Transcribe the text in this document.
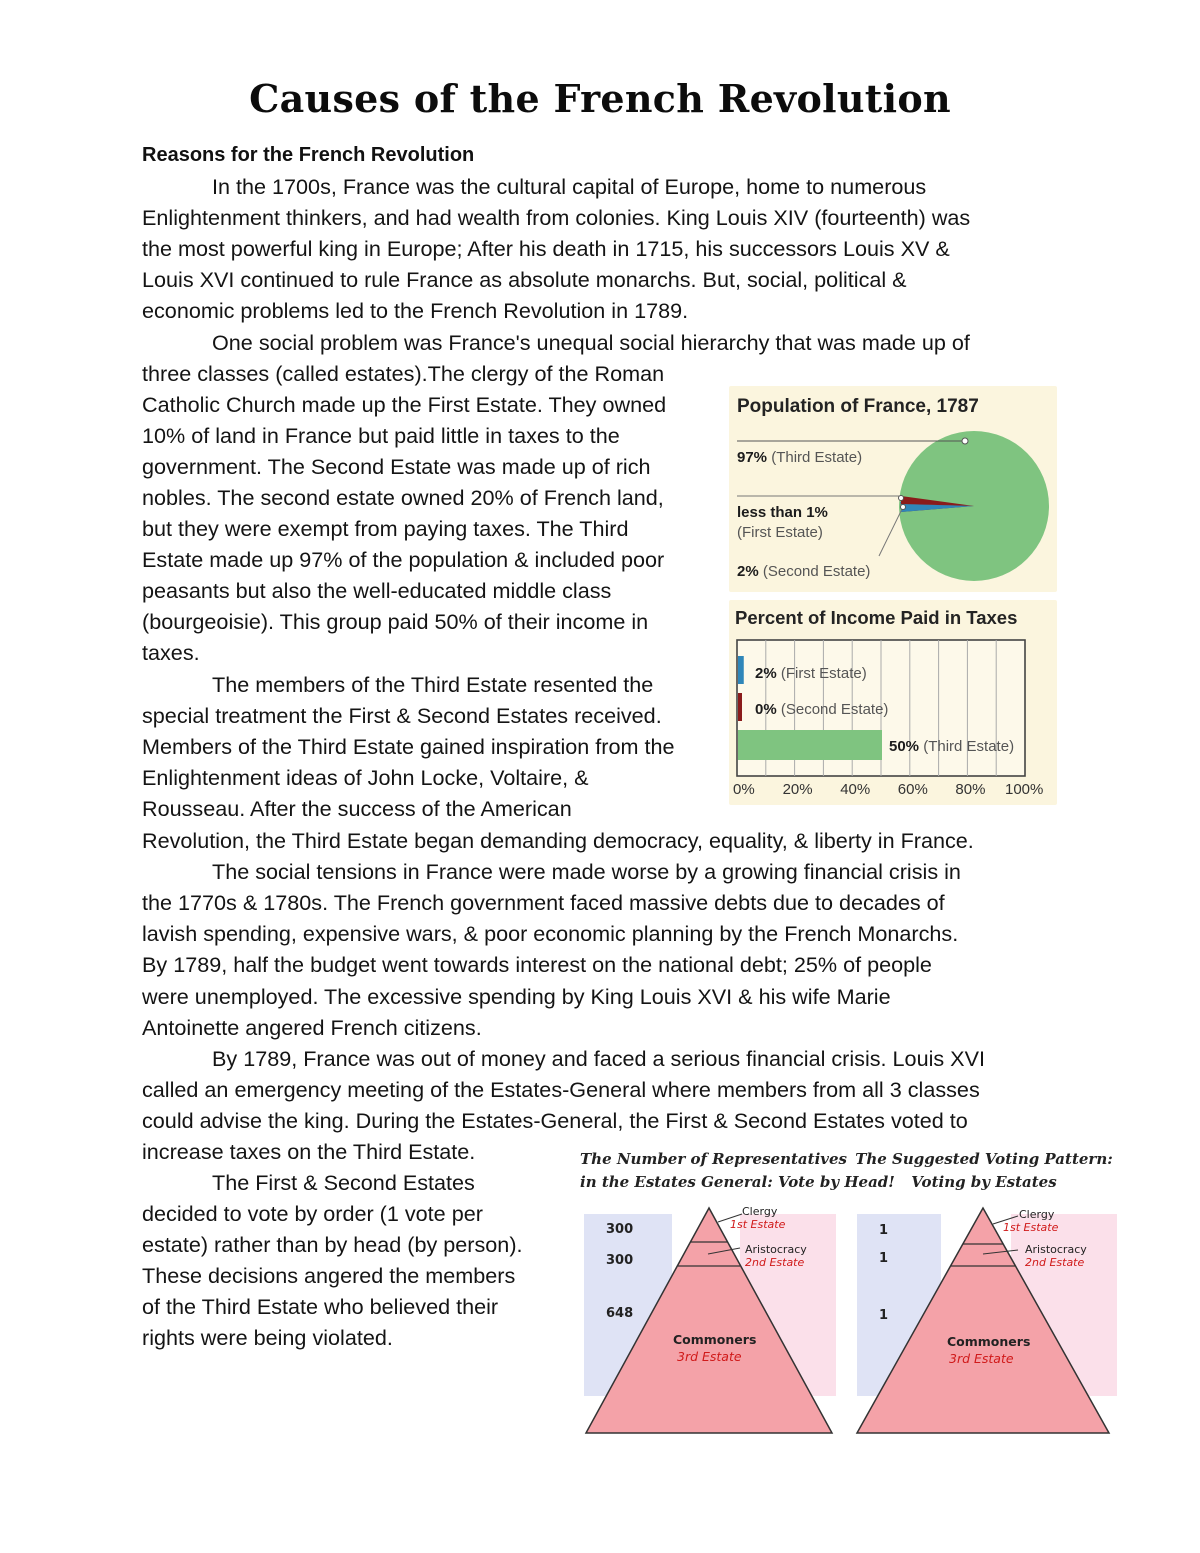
Causes of the French Revolution
Reasons for the French Revolution
In the 1700s, France was the cultural capital of Europe, home to numerous
Enlightenment thinkers, and had wealth from colonies. King Louis XIV (fourteenth) was
the most powerful king in Europe; After his death in 1715, his successors Louis XV &
Louis XVI continued to rule France as absolute monarchs. But, social, political &
economic problems led to the French Revolution in 1789.
One social problem was France's unequal social hierarchy that was made up of
three classes (called estates).The clergy of the Roman
Catholic Church made up the First Estate. They owned
10% of land in France but paid little in taxes to the
government. The Second Estate was made up of rich
nobles. The second estate owned 20% of French land,
but they were exempt from paying taxes. The Third
Estate made up 97% of the population & included poor
peasants but also the well-educated middle class
(bourgeoisie). This group paid 50% of their income in
taxes.
The members of the Third Estate resented the
special treatment the First & Second Estates received.
Members of the Third Estate gained inspiration from the
Enlightenment ideas of John Locke, Voltaire, &
Rousseau. After the success of the American
Revolution, the Third Estate began demanding democracy, equality, & liberty in France.
The social tensions in France were made worse by a growing financial crisis in
the 1770s & 1780s. The French government faced massive debts due to decades of
lavish spending, expensive wars, & poor economic planning by the French Monarchs.
By 1789, half the budget went towards interest on the national debt; 25% of people
were unemployed. The excessive spending by King Louis XVI & his wife Marie
Antoinette angered French citizens.
By 1789, France was out of money and faced a serious financial crisis. Louis XVI
called an emergency meeting of the Estates-General where members from all 3 classes
could advise the king. During the Estates-General, the First & Second Estates voted to
increase taxes on the Third Estate.
The First & Second Estates
decided to vote by order (1 vote per
estate) rather than by head (by person).
These decisions angered the members
of the Third Estate who believed their
rights were being violated.
Population of France, 1787
97% (Third Estate)
less than 1%
(First Estate)
2% (Second Estate)
Percent of Income Paid in Taxes
2% (First Estate)
0% (Second Estate)
50% (Third Estate)
0% 20% 40% 60% 80% 100%
The Number of Representatives
in the Estates General: Vote by Head!
300
300
648
Clergy
1st Estate
Aristocracy
2nd Estate
Commoners
3rd Estate
The Suggested Voting Pattern:
Voting by Estates
1
1
1
Clergy
1st Estate
Aristocracy
2nd Estate
Commoners
3rd Estate
